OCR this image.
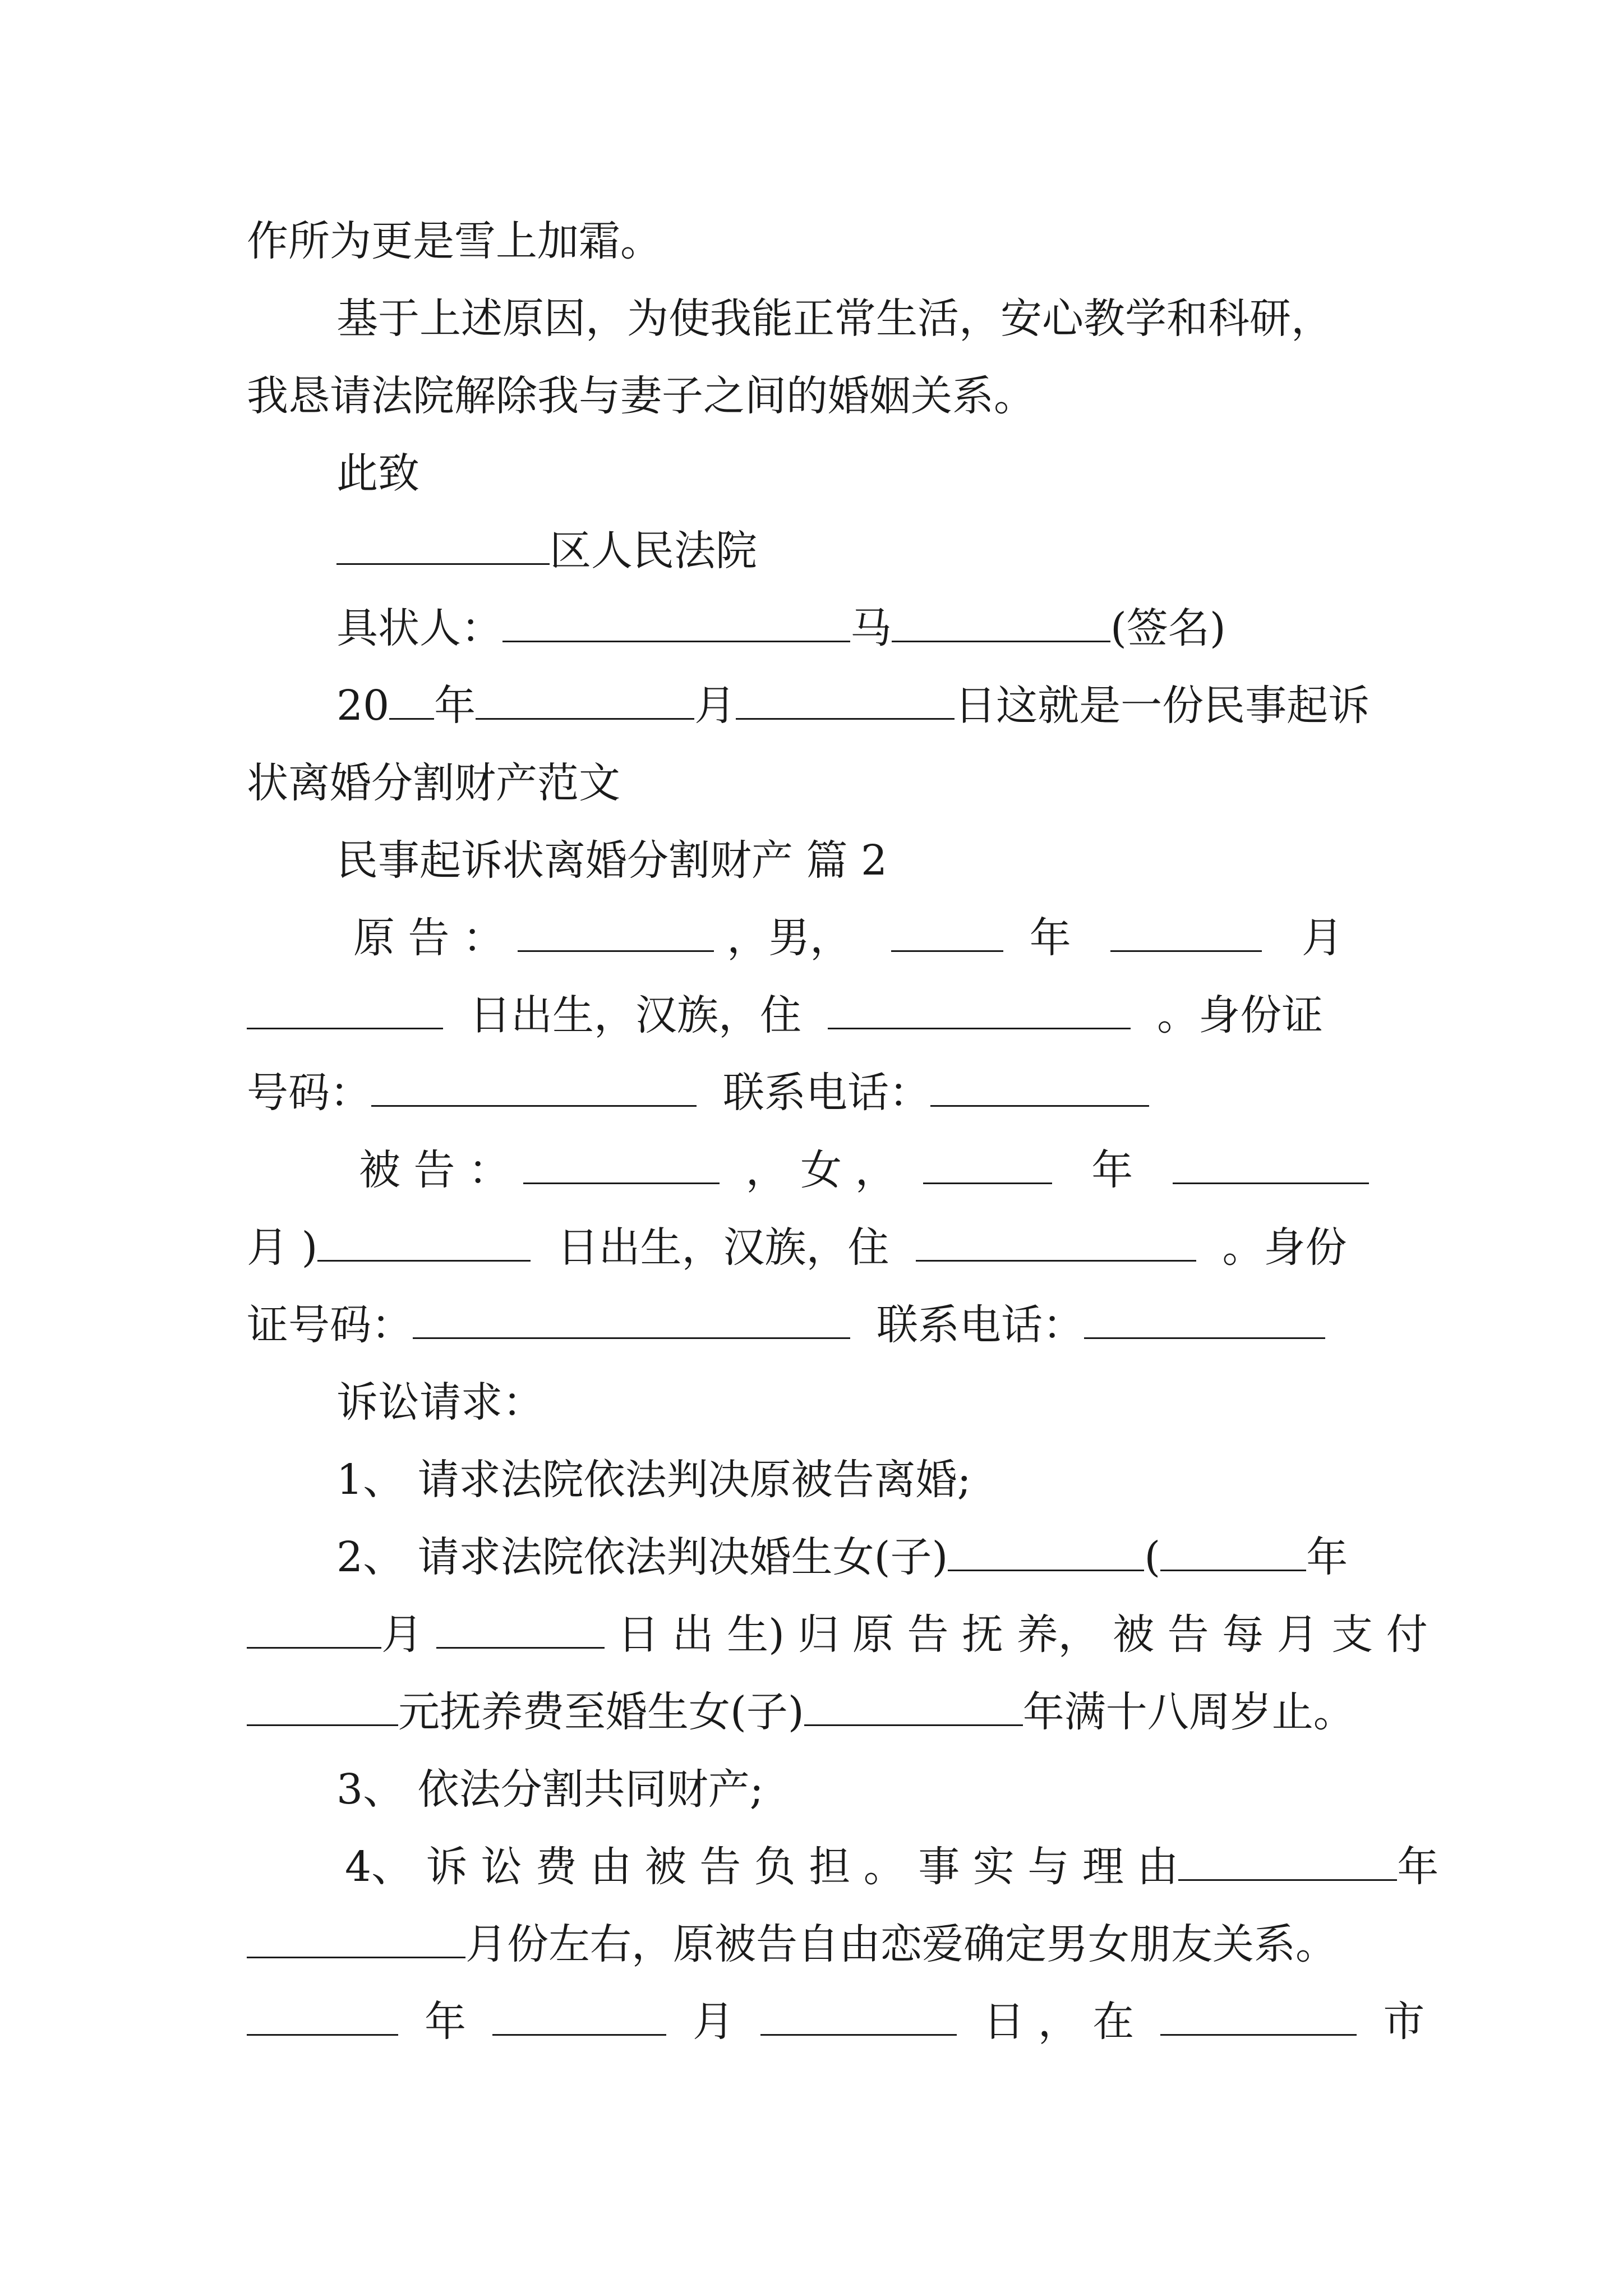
作所为更是雪上加霜。
基于上述原因，为使我能正常生活，安心教学和科研，
我恳请法院解除我与妻子之间的婚姻关系。
此致
区人民法院
具状人：	马	(签名)
20 年	月	日这就是一份民事起诉
状离婚分割财产范文
民事起诉状离婚分割财产 篇 2
原 告 ：	，男，	年	月
日出生，汉族，住	。身份证
号码：	联系电话：
被 告 ：	， 女 ，	年
月 )	日出生，汉族，住	。身份
证号码：	联系电话：
诉讼请求：
1、 请求法院依法判决原被告离婚;
2、 请求法院依法判决婚生女(子)	(	年
月	日 出 生) 归 原 告 抚 养， 被 告 每 月 支 付
元抚养费至婚生女(子)	年满十八周岁止。
3、 依法分割共同财产;
4、 诉 讼 费 由 被 告 负 担 。 事 实 与 理 由	年
月份左右，原被告自由恋爱确定男女朋友关系。
年	月	日 ， 在	市
